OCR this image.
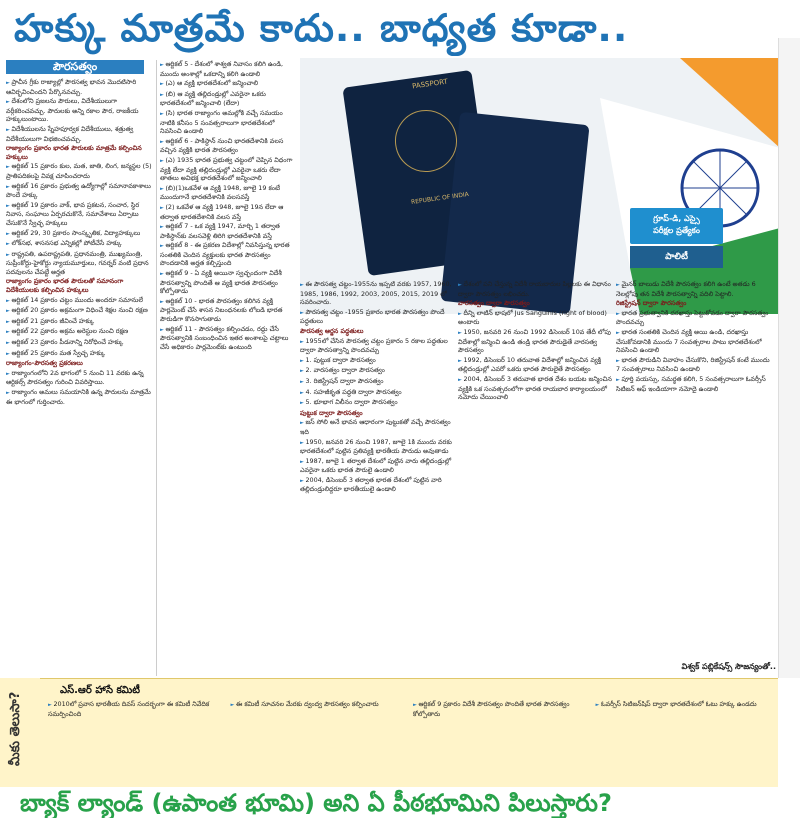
హక్కు మాత్రమే కాదు.. బాధ్యత కూడా..
పౌరసత్వం

► ప్రాచీన గ్రీకు రాజ్యాల్లో పౌరసత్వ భావన మొదటిసారి ఆవిర్భవించిందని పేర్కొనవచ్చు.

► దేశంలోని ప్రజలను పౌరులు, విదేశీయులుగా వర్గీకరించవచ్చు. పౌరులకు అన్ని రకాల పౌర, రాజకీయ హక్కులుంటాయి.

► విదేశీయులను స్నేహపూర్వక విదేశీయులు, శత్రుత్వ విదేశీయులుగా విభజించవచ్చు.

రాజ్యాంగం ప్రకారం భారత పౌరులకు మాత్రమే కల్పించిన హక్కులు

► ఆర్టికల్ 15 ప్రకారం కుల, మత, జాతి, లింగ, జన్మస్థల (5) ప్రాతిపదికలపై వివక్ష చూపించరాదు

► ఆర్టికల్ 16 ప్రకారం ప్రభుత్వ ఉద్యోగాల్లో సమానావకాశాలు పొందే హక్కు

► ఆర్టికల్ 19 ప్రకారం వాక్, భావ ప్రకటన, సంచార, స్థిర నివాస, సంఘాలు ఏర్పరచుకొనే, సమావేశాలు ఏర్పాటు చేసుకొనే స్వేచ్ఛ హక్కులు

► ఆర్టికల్ 29, 30 ప్రకారం సాంస్కృతిక, విద్యాహక్కులు

► లోక్‌సభ, శాసనసభ ఎన్నికల్లో పోటీచేసే హక్కు

► రాష్ట్రపతి, ఉపరాష్ట్రపతి, ప్రధానమంత్రి, ముఖ్యమంత్రి, సుప్రీంకోర్టు-హైకోర్టు న్యాయమూర్తులు, గవర్నర్ వంటి ప్రధాన పదవులను చేపట్టే అర్హత

రాజ్యాంగం ప్రకారం భారత పౌరులతో సమానంగా విదేశీయులకు కల్పించిన హక్కులు

► ఆర్టికల్ 14 ప్రకారం చట్టం ముందు అందరూ సమానులే

► ఆర్టికల్ 20 ప్రకారం అక్రమంగా విధించే శిక్షల నుంచి రక్షణ

► ఆర్టికల్ 21 ప్రకారం జీవించే హక్కు

► ఆర్టికల్ 22 ప్రకారం అక్రమ అరెస్టుల నుంచి రక్షణ

► ఆర్టికల్ 23 ప్రకారం పీడనాన్ని నిరోధించే హక్కు

► ఆర్టికల్ 25 ప్రకారం మత స్వేచ్ఛ హక్కు

రాజ్యాంగం-పౌరసత్వ ప్రకరణలు

► రాజ్యాంగంలోని 2వ భాగంలో 5 నుంచి 11 వరకు ఉన్న ఆర్టికల్స్ పౌరసత్వం గురించి వివరిస్తాయి.

► రాజ్యాంగం అమలు సమయానికి ఉన్న పౌరులను మాత్రమే ఈ భాగంలో గుర్తించారు.

► ఆర్టికల్ 5 - దేశంలో శాశ్వత నివాసం కలిగి ఉండి, ముందు అంశాల్లో ఒకదాన్ని కలిగి ఉండాలి

► (ఎ) ఆ వ్యక్తి భారతదేశంలో జన్మించాలి

► (బి) ఆ వ్యక్తి తల్లిదండ్రుల్లో ఎవరైనా ఒకరు భారతదేశంలో జన్మించాలి (లేదా)

► (సి) భారత రాజ్యాంగం అమల్లోకి వచ్చే సమయం నాటికి కనీసం 5 సంవత్సరాలుగా భారతదేశంలో నివసించి ఉండాలి

► ఆర్టికల్ 6 - పాకిస్థాన్ నుంచి భారతదేశానికి వలస వచ్చిన వ్యక్తికి భారత పౌరసత్వం

► (ఎ) 1935 భారత ప్రభుత్వ చట్టంలో చెప్పిన విధంగా వ్యక్తి లేదా వ్యక్తి తల్లిదండ్రుల్లో ఎవరైనా ఒకరు లేదా తాతలు అవిభక్త భారతదేశంలో జన్మించాలి

► (బి)(1)ఒకవేళ ఆ వ్యక్తి 1948, జూలై 19 కంటే ముందుగానే భారతదేశానికి వలసవస్తే

► (2) ఒకవేళ ఆ వ్యక్తి 1948, జూలై 19న లేదా ఆ తర్వాత భారతదేశానికి వలస వస్తే

► ఆర్టికల్ 7 - ఒక వ్యక్తి 1947, మార్చి 1 తర్వాత పాకిస్థాన్‌కు వలసవెళ్లి తిరిగి భారతదేశానికి వస్తే

► ఆర్టికల్ 8 - ఈ ప్రకరణ విదేశాల్లో నివసిస్తున్న భారత సంతతికి చెందిన వ్యక్తులకు భారత పౌరసత్వం పొందడానికి అర్హత కల్పిస్తుంది

► ఆర్టికల్ 9 - ఏ వ్యక్తి అయినా స్వచ్ఛందంగా విదేశీ పౌరసత్వాన్ని పొందితే ఆ వ్యక్తి భారత పౌరసత్వం కోల్పోతాడు

► ఆర్టికల్ 10 - భారత పౌరసత్వం కలిగిన వ్యక్తి పార్లమెంట్ చేసే శాసన నిబంధనలకు లోబడి భారత పౌరుడిగా కొనసాగుతాడు

► ఆర్టికల్ 11 - పౌరసత్వం కల్పించడం, రద్దు చేసే పౌరసత్వానికి సంబంధించిన ఇతర అంశాలపై చట్టాలు చేసే అధికారం పార్లమెంట్‌కు ఉంటుంది

PASSPORT
REPUBLIC OF INDIA
గ్రూప్-డి, ఎస్సై
పరీక్షల ప్రత్యేకం
పాలిటీ

► ఈ పౌరసత్వ చట్టం-1955ను ఇప్పటి వరకు 1957, 1960, 1985, 1986, 1992, 2003, 2005, 2015, 2019 లో సవరించారు.

► పౌరసత్వ చట్టం -1955 ప్రకారం భారత పౌరసత్వం పొందే పద్ధతులు

పౌరసత్వ ఆర్జన పద్ధతులు

► 1955లో చేసిన పౌరసత్వ చట్టం ప్రకారం 5 రకాల పద్ధతుల ద్వారా పౌరసత్వాన్ని పొందవచ్చు

► 1. పుట్టుక ద్వారా పౌరసత్వం

► 2. వారసత్వం ద్వారా పౌరసత్వం

► 3. రిజిస్ట్రేషన్ ద్వారా పౌరసత్వం

► 4. సహజీకృత పద్ధతి ద్వారా పౌరసత్వం

► 5. భూభాగ విలీనం ద్వారా పౌరసత్వం

పుట్టుక ద్వారా పౌరసత్వం

► జస్ సోలి అనే భావన ఆధారంగా పుట్టుకతో వచ్చే పౌరసత్వం ఇది

► 1950, జనవరి 26 నుంచి 1987, జూలై 1కి ముందు వరకు భారతదేశంలో పుట్టిన ప్రతివ్యక్తి భారతీయ పౌరుడు అవుతాడు

► 1987, జూలై 1 తర్వాత దేశంలో పుట్టిన వారు తల్లిదండ్రుల్లో ఎవరైనా ఒకరు భారత పౌరులై ఉండాలి

► 2004, డిసెంబర్ 3 తర్వాత భారత దేశంలో పుట్టిన వారి తల్లిదండ్రులిద్దరూ భారతీయులై ఉండాలి

► దేశంలో పని చేస్తున్న విదేశీ రాయబారుల పిల్లలకు ఈ విధానం ద్వారా పౌరసత్వం లభించదు.

వారసత్వం ద్వారా పౌరసత్వం

► దీన్ని లాటిన్ భాషలో Jus Sanguinis (right of blood) అంటారు

► 1950, జనవరి 26 నుంచి 1992 డిసెంబర్ 10వ తేదీ లోపు విదేశాల్లో జన్మించి ఉండి తండ్రి భారత పౌరుడైతే వారసత్వ పౌరసత్వం

► 1992, డిసెంబర్ 10 తరువాత విదేశాల్లో జన్మించిన వ్యక్తి తల్లిదండ్రుల్లో ఎవరో ఒకరు భారత పౌరులైతే పౌరసత్వం

► 2004, డిసెంబర్ 3 తరువాత భారత దేశం బయట జన్మించిన వ్యక్తికి ఒక సంవత్సరంలోగా భారత రాయబార కార్యాలయంలో నమోదు చేయించాలి

► మైనర్ బాలుడు విదేశీ పౌరసత్వం కలిగి ఉంటే అతడు 6 నెలల్లోపు తన విదేశీ పౌరసత్వాన్ని వదిలి పెట్టాలి.

రిజిస్ట్రేషన్ ద్వారా పౌరసత్వం

► భారత ప్రభుత్వానికి దరఖాస్తు పెట్టుకోవడం ద్వారా పౌరసత్వం పొందవచ్చు

► భారత సంతతికి చెందిన వ్యక్తి అయి ఉండి, దరఖాస్తు చేసుకోవడానికి ముందు 7 సంవత్సరాల పాటు భారతదేశంలో నివసించి ఉండాలి

► భారత పౌరుడిని వివాహం చేసుకొని, రిజిస్ట్రేషన్ కంటే ముందు 7 సంవత్సరాలు నివసించి ఉండాలి

► పూర్తి వయస్సు, సమర్థత కలిగి, 5 సంవత్సరాలుగా ఓవర్సీస్ సిటిజన్ ఆఫ్ ఇండియాగా నమోదై ఉండాలి

విశ్వక్ పబ్లికేషన్స్ సౌజన్యంతో..
మీకు తెలుసా?
ఎస్.ఆర్ హాసే కమిటీ

► 2010లో ప్రవాస భారతీయ దివస్ సందర్భంగా ఈ కమిటీ నివేదిక సమర్పించింది

► ఈ కమిటీ సూచనల మేరకు ద్వంద్వ పౌరసత్వం కల్పించారు

►	ఆర్టికల్ 9 ప్రకారం విదేశీ పౌరసత్వం పొందితే భారత పౌరసత్వం కోల్పోతారు

► ఓవర్సీస్ సిటిజన్‌షిప్ ద్వారా భారతదేశంలో ఓటు హక్కు ఉండదు

బ్యాక్ ల్యాండ్ (ఉపాంత భూమి) అని ఏ పీఠభూమిని పిలుస్తారు?
